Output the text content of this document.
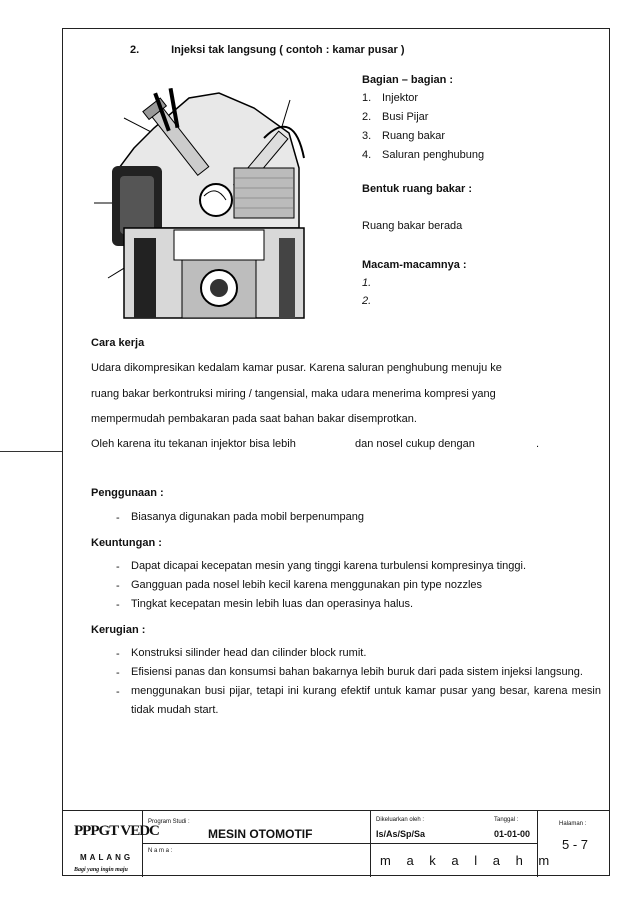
2.	Injeksi tak langsung ( contoh : kamar pusar )
Bagian – bagian :
1. Injektor
2. Busi Pijar
3. Ruang bakar
4. Saluran penghubung
Bentuk ruang bakar :
Ruang bakar berada
Macam-macamnya :
1.
2.
Cara kerja
Udara dikompresikan kedalam kamar pusar. Karena saluran penghubung menuju ke
ruang bakar berkontruksi miring / tangensial, maka udara menerima kompresi yang
mempermudah pembakaran pada saat bahan bakar disemprotkan.
Oleh karena itu tekanan injektor bisa lebih	dan nosel cukup dengan	.
Penggunaan :
- Biasanya digunakan pada mobil berpenumpang
Keuntungan :
- Dapat dicapai kecepatan mesin yang tinggi karena turbulensi kompresinya tinggi.
- Gangguan pada nosel lebih kecil karena menggunakan pin type nozzles
- Tingkat kecepatan mesin lebih luas dan operasinya halus.
Kerugian :
- Konstruksi silinder head dan cilinder block rumit.
- Efisiensi panas dan konsumsi bahan bakarnya lebih buruk dari pada sistem injeksi langsung.
- menggunakan busi pijar, tetapi ini kurang efektif untuk kamar pusar yang besar, karena mesin tidak mudah start.
PPPGT VEDC
MALANG
Bagi yang ingin maju
Program Studi :
MESIN OTOMOTIF
N a m a :
Dikeluarkan oleh :
Is/As/Sp/Sa
Tanggal :
01-01-00
m a k a l a h m
Halaman :
5 - 7
